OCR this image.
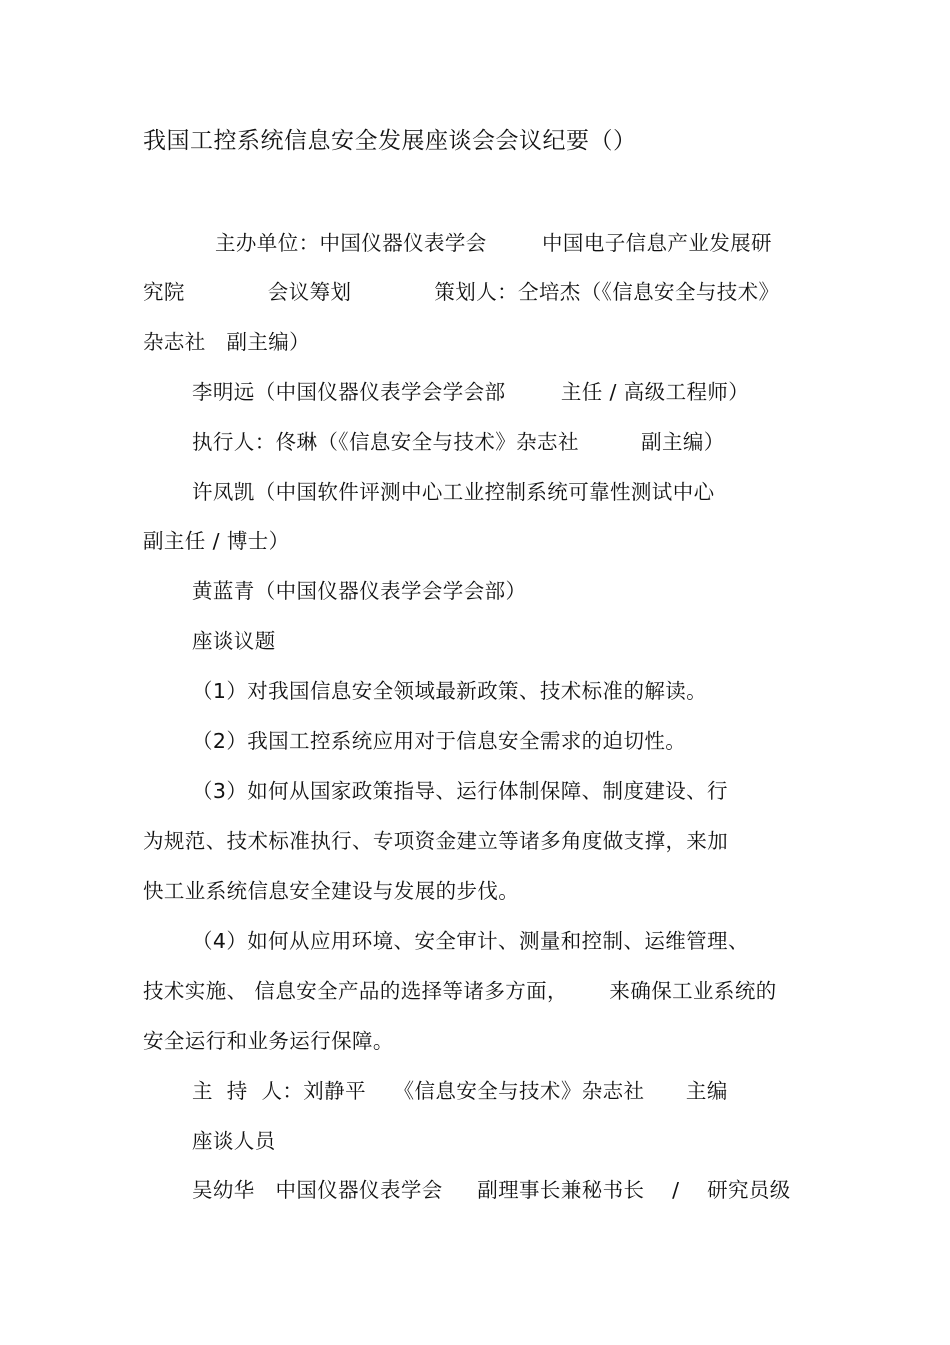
我国工控系统信息安全发展座谈会会议纪要（）
主办单位：中国仪器仪表学会        中国电子信息产业发展研
究院            会议筹划            策划人：仝培杰（《信息安全与技术》
杂志社   副主编）
李明远（中国仪器仪表学会学会部        主任 / 高级工程师）
执行人：佟琳（《信息安全与技术》杂志社         副主编）
许凤凯（中国软件评测中心工业控制系统可靠性测试中心
副主任 / 博士）
黄蓝青（中国仪器仪表学会学会部）
座谈议题
（1）对我国信息安全领域最新政策、技术标准的解读。
（2）我国工控系统应用对于信息安全需求的迫切性。
（3）如何从国家政策指导、运行体制保障、制度建设、行
为规范、技术标准执行、专项资金建立等诸多角度做支撑，来加
快工业系统信息安全建设与发展的步伐。
（4）如何从应用环境、安全审计、测量和控制、运维管理、
技术实施、 信息安全产品的选择等诸多方面，      来确保工业系统的
安全运行和业务运行保障。
主  持  人：刘静平    《信息安全与技术》杂志社      主编
座谈人员
吴幼华   中国仪器仪表学会     副理事长兼秘书长    /    研究员级
